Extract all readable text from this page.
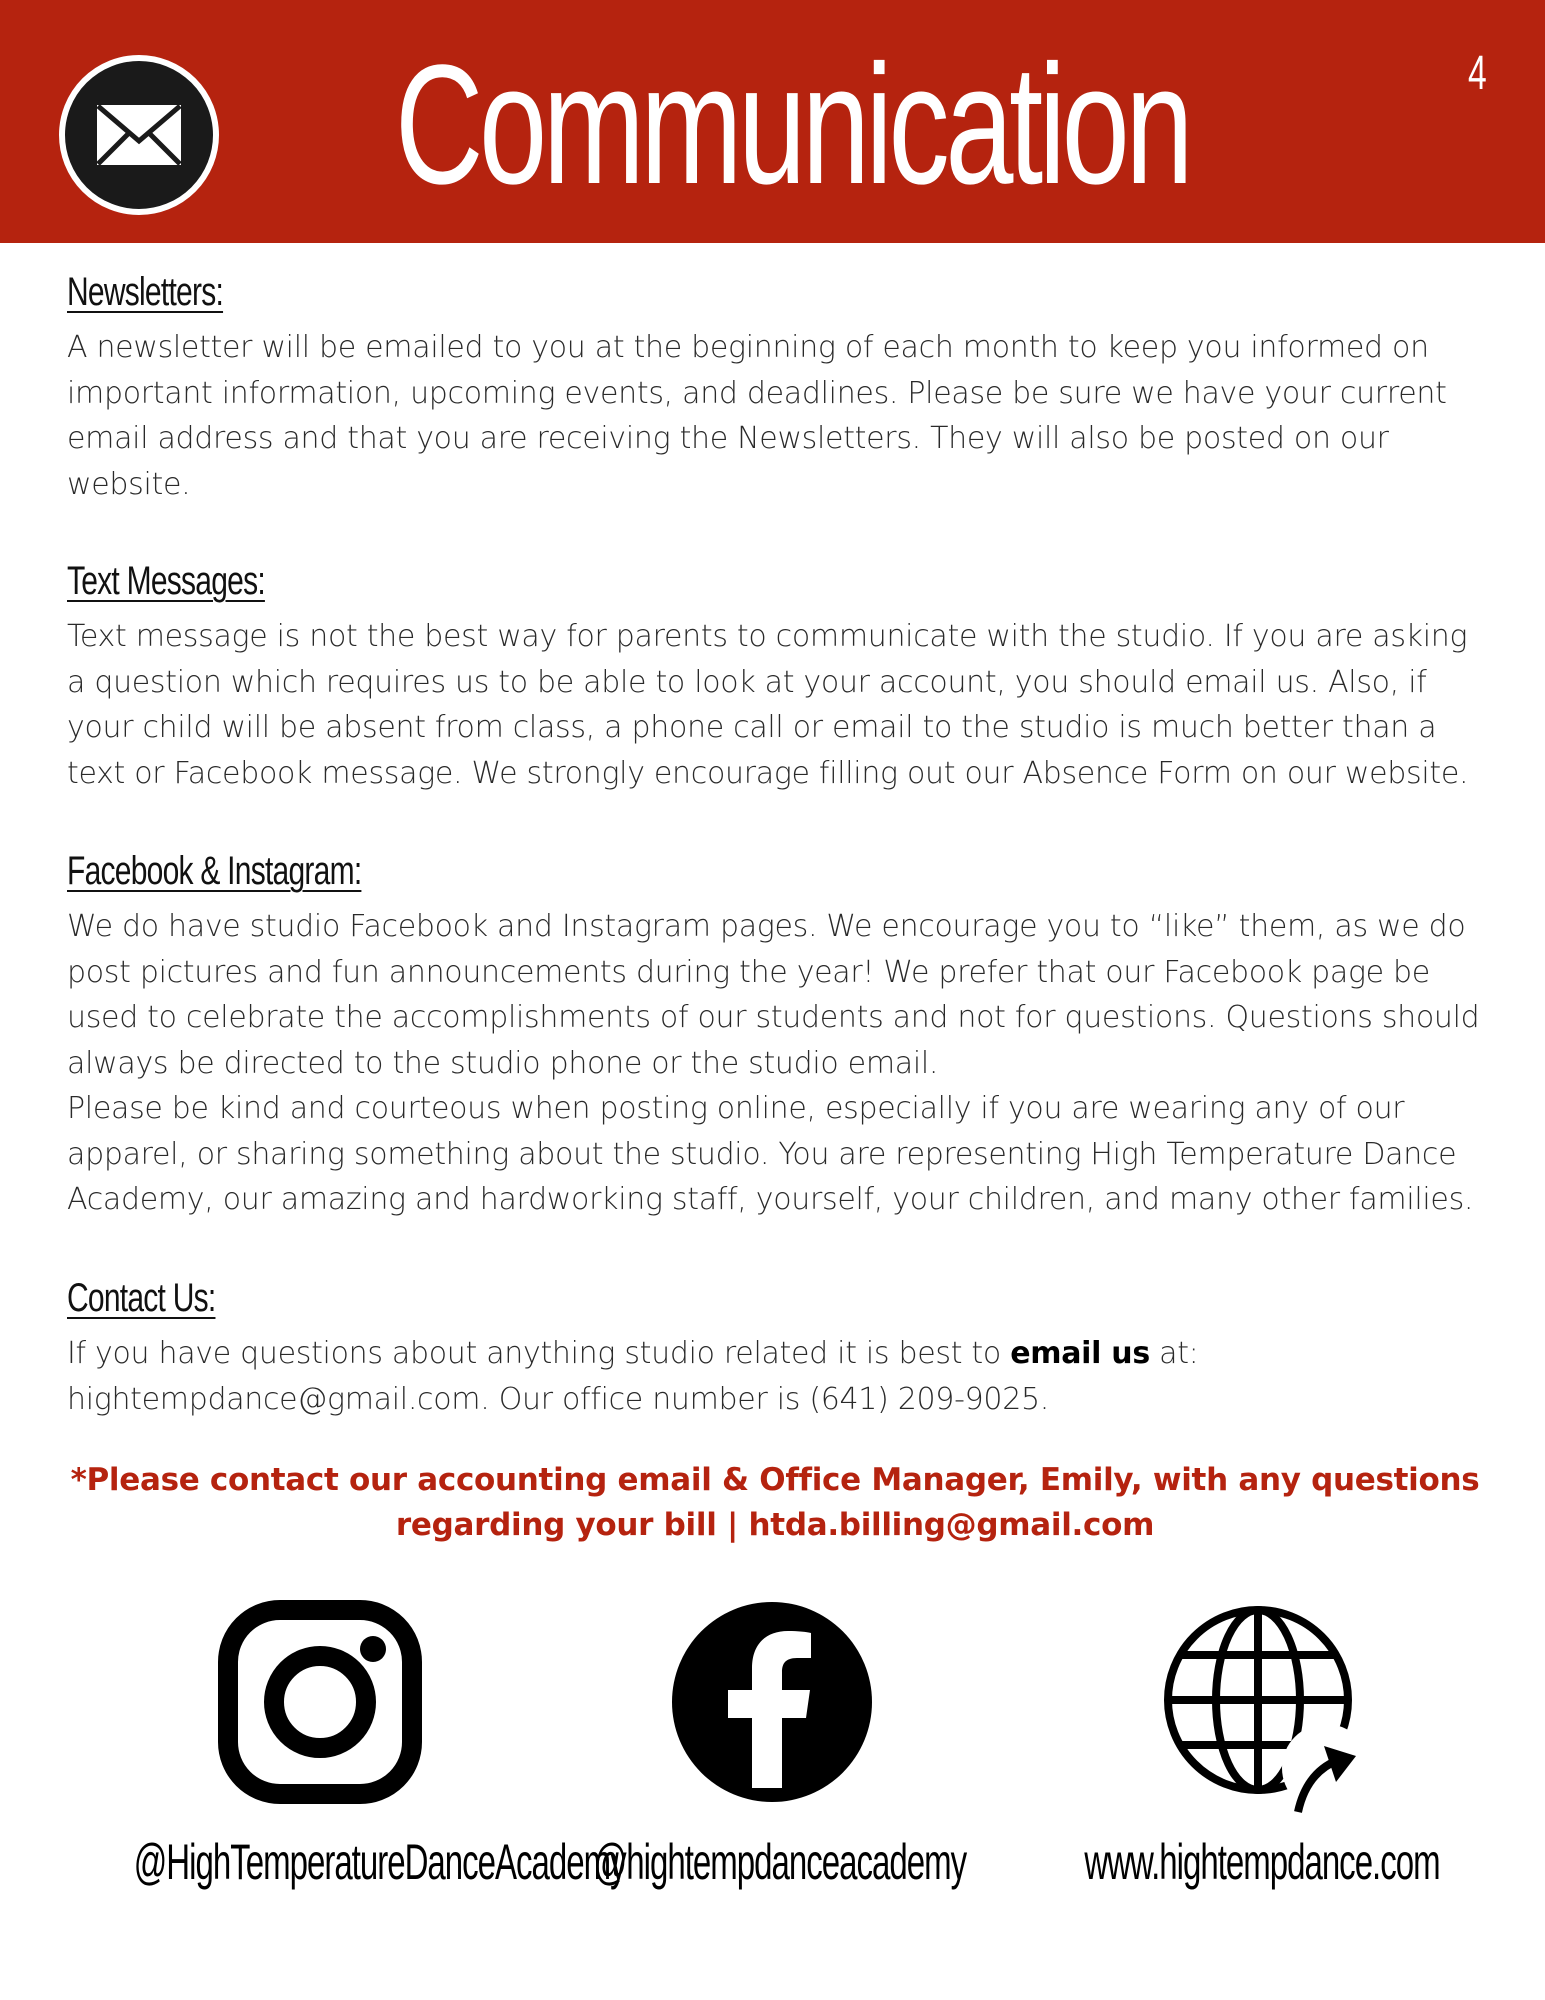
Communication	4
Newsletters:

A newsletter will be emailed to you at the beginning of each month to keep you informed on important information, upcoming events, and deadlines. Please be sure we have your current email address and that you are receiving the Newsletters. They will also be posted on our website.

Text Messages:

Text message is not the best way for parents to communicate with the studio. If you are asking a question which requires us to be able to look at your account, you should email us. Also, if your child will be absent from class, a phone call or email to the studio is much better than a text or Facebook message. We strongly encourage filling out our Absence Form on our website.

Facebook & Instagram:

We do have studio Facebook and Instagram pages. We encourage you to “like” them, as we do post pictures and fun announcements during the year! We prefer that our Facebook page be used to celebrate the accomplishments of our students and not for questions. Questions should always be directed to the studio phone or the studio email.

Please be kind and courteous when posting online, especially if you are wearing any of our apparel, or sharing something about the studio. You are representing High Temperature Dance Academy, our amazing and hardworking staff, yourself, your children, and many other families.

Contact Us:

If you have questions about anything studio related it is best to email us at: hightempdance@gmail.com. Our office number is (641) 209-9025.

*Please contact our accounting email & Office Manager, Emily, with any questions regarding your bill | htda.billing@gmail.com

@HighTemperatureDanceAcademy
@hightempdanceacademy www.hightempdance.com
